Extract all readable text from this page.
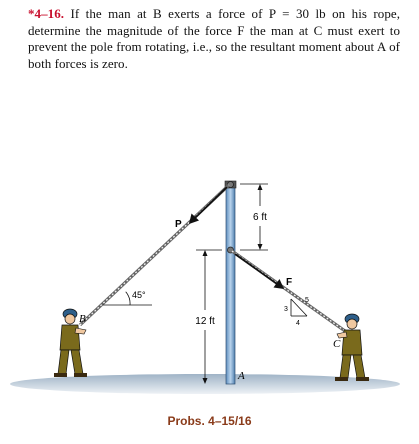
*4–16. If the man at B exerts a force of P = 30 lb on his rope, determine the magnitude of the force F the man at C must exert to prevent the pole from rotating, i.e., so the resultant moment about A of both forces is zero.

6 ft
12 ft
P
F
45°
A
B
C
3
4
5
Probs. 4–15/16
